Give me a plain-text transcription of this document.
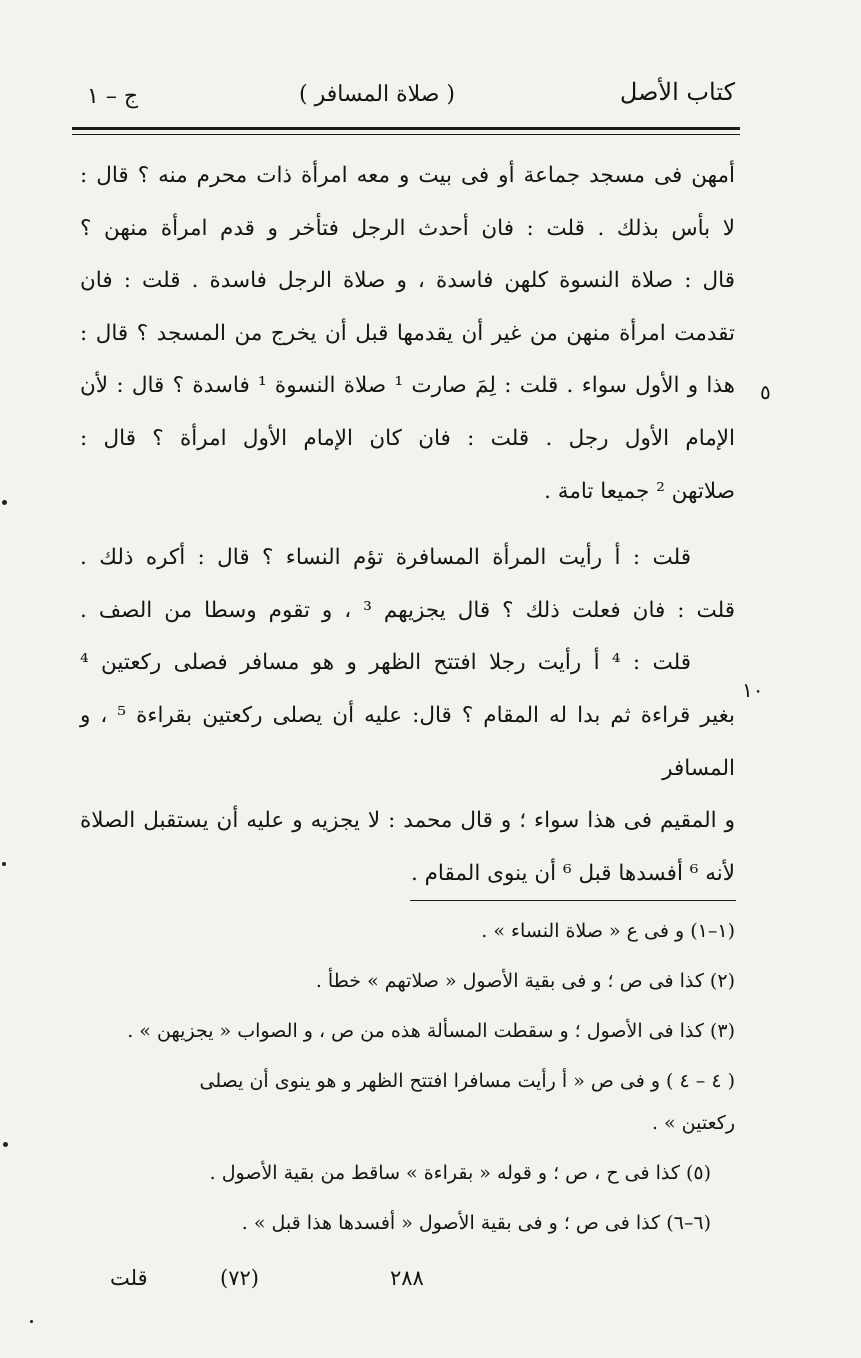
كتاب الأصل
( صلاة المسافر )
ج – ١
٥
١٠

أمهن فى مسجد جماعة أو فى بيت و معه امرأة ذات محرم منه ؟ قال :
لا بأس بذلك . قلت : فان أحدث الرجل فتأخر و قدم امرأة منهن ؟
قال : صلاة النسوة كلهن فاسدة ، و صلاة الرجل فاسدة . قلت : فان
تقدمت امرأة منهن من غير أن يقدمها قبل أن يخرج من المسجد ؟ قال :
هذا و الأول سواء . قلت : لِمَ صارت ¹ صلاة النسوة ¹ فاسدة ؟ قال : لأن
الإمام الأول رجل . قلت : فان كان الإمام الأول امرأة ؟ قال :
صلاتهن ² جميعا تامة .

قلت : أ رأيت المرأة المسافرة تؤم النساء ؟ قال : أكره ذلك .
قلت : فان فعلت ذلك ؟ قال يجزيهم ³ ، و تقوم وسطا من الصف .

قلت : ⁴ أ رأيت رجلا افتتح الظهر و هو مسافر فصلى ركعتين ⁴
بغير قراءة ثم بدا له المقام ؟ قال: عليه أن يصلى ركعتين بقراءة ⁵ ، و المسافر
و المقيم فى هذا سواء ؛ و قال محمد : لا يجزيه و عليه أن يستقبل الصلاة
لأنه ⁶ أفسدها قبل ⁶ أن ينوى المقام .

(١–١) و فى ع « صلاة النساء » .
(٢) كذا فى ص ؛ و فى بقية الأصول « صلاتهم » خطأ .
(٣) كذا فى الأصول ؛ و سقطت المسألة هذه من ص ، و الصواب « يجزيهن » .
( ٤ – ٤ ) و فى ص « أ رأيت مسافرا افتتح الظهر و هو ينوى أن يصلى
ركعتين » .
(٥) كذا فى ح ، ص ؛ و قوله « بقراءة » ساقط من بقية الأصول .
(٦–٦) كذا فى ص ؛ و فى بقية الأصول « أفسدها هذا قبل » .
٢٨٨
(٧٢)
قلت
